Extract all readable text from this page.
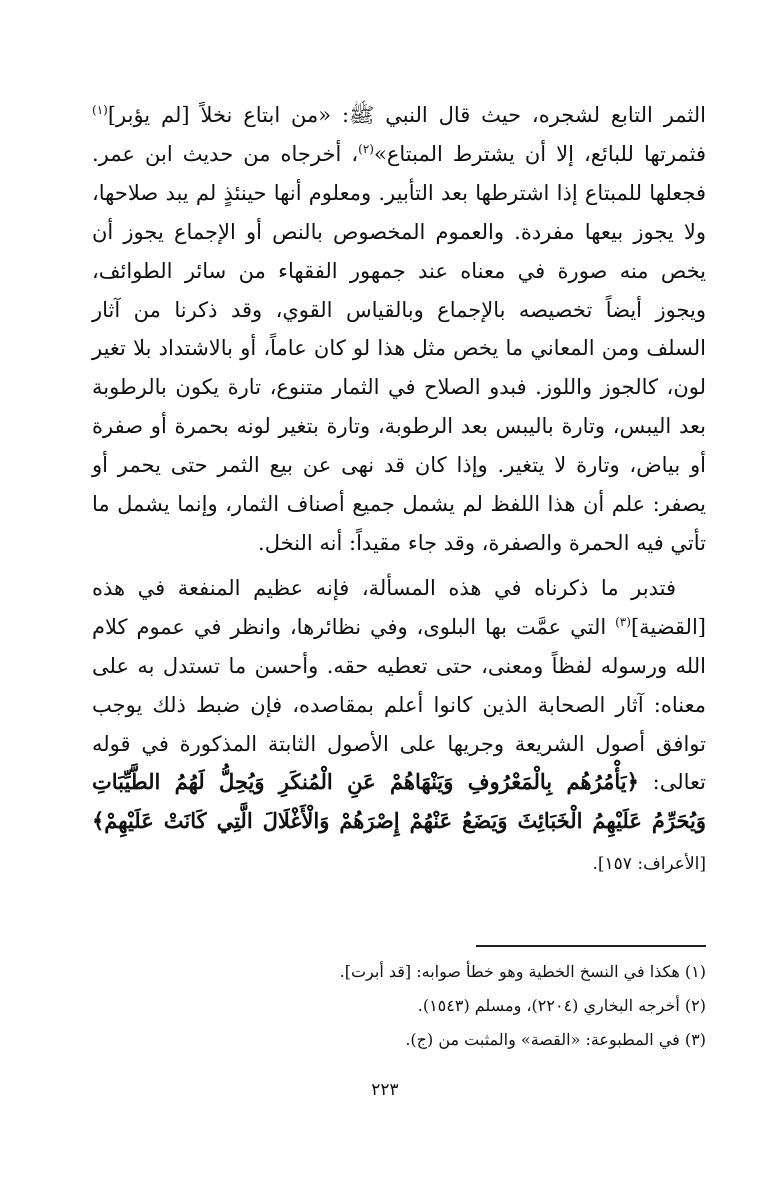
الثمر التابع لشجره، حيث قال النبي ﷺ: «من ابتاع نخلاً [لم يؤبر]$^{(١)}$ فثمرتها للبائع، إلا أن يشترط المبتاع»$^{(٢)}$، أخرجاه من حديث ابن عمر. فجعلها للمبتاع إذا اشترطها بعد التأبير. ومعلوم أنها حينئذٍ لم يبد صلاحها، ولا يجوز بيعها مفردة. والعموم المخصوص بالنص أو الإجماع يجوز أن يخص منه صورة في معناه عند جمهور الفقهاء من سائر الطوائف، ويجوز أيضاً تخصيصه بالإجماع وبالقياس القوي، وقد ذكرنا من آثار السلف ومن المعاني ما يخص مثل هذا لو كان عاماً، أو بالاشتداد بلا تغير لون، كالجوز واللوز. فبدو الصلاح في الثمار متنوع، تارة يكون بالرطوبة بعد اليبس، وتارة باليبس بعد الرطوبة، وتارة بتغير لونه بحمرة أو صفرة أو بياض، وتارة لا يتغير. وإذا كان قد نهى عن بيع الثمر حتى يحمر أو يصفر: علم أن هذا اللفظ لم يشمل جميع أصناف الثمار، وإنما يشمل ما تأتي فيه الحمرة والصفرة، وقد جاء مقيداً: أنه النخل.

فتدبر ما ذكرناه في هذه المسألة، فإنه عظيم المنفعة في هذه [القضية]$^{(٣)}$ التي عمَّت بها البلوى، وفي نظائرها، وانظر في عموم كلام الله ورسوله لفظاً ومعنى، حتى تعطيه حقه. وأحسن ما تستدل به على معناه: آثار الصحابة الذين كانوا أعلم بمقاصده، فإن ضبط ذلك يوجب توافق أصول الشريعة وجريها على الأصول الثابتة المذكورة في قوله تعالى: ﴿يَأْمُرُهُم بِالْمَعْرُوفِ وَيَنْهَاهُمْ عَنِ الْمُنكَرِ وَيُحِلُّ لَهُمُ الطَّيِّبَاتِ وَيُحَرِّمُ عَلَيْهِمُ الْخَبَائِثَ وَيَضَعُ عَنْهُمْ إِصْرَهُمْ وَالْأَغْلَالَ الَّتِي كَانَتْ عَلَيْهِمْ﴾ [الأعراف: ١٥٧].

(١) هكذا في النسخ الخطية وهو خطأ صوابه: [قد أبرت].

(٢) أخرجه البخاري (٢٢٠٤)، ومسلم (١٥٤٣).

(٣) في المطبوعة: «القصة» والمثبت من (ج).

٢٢٣
